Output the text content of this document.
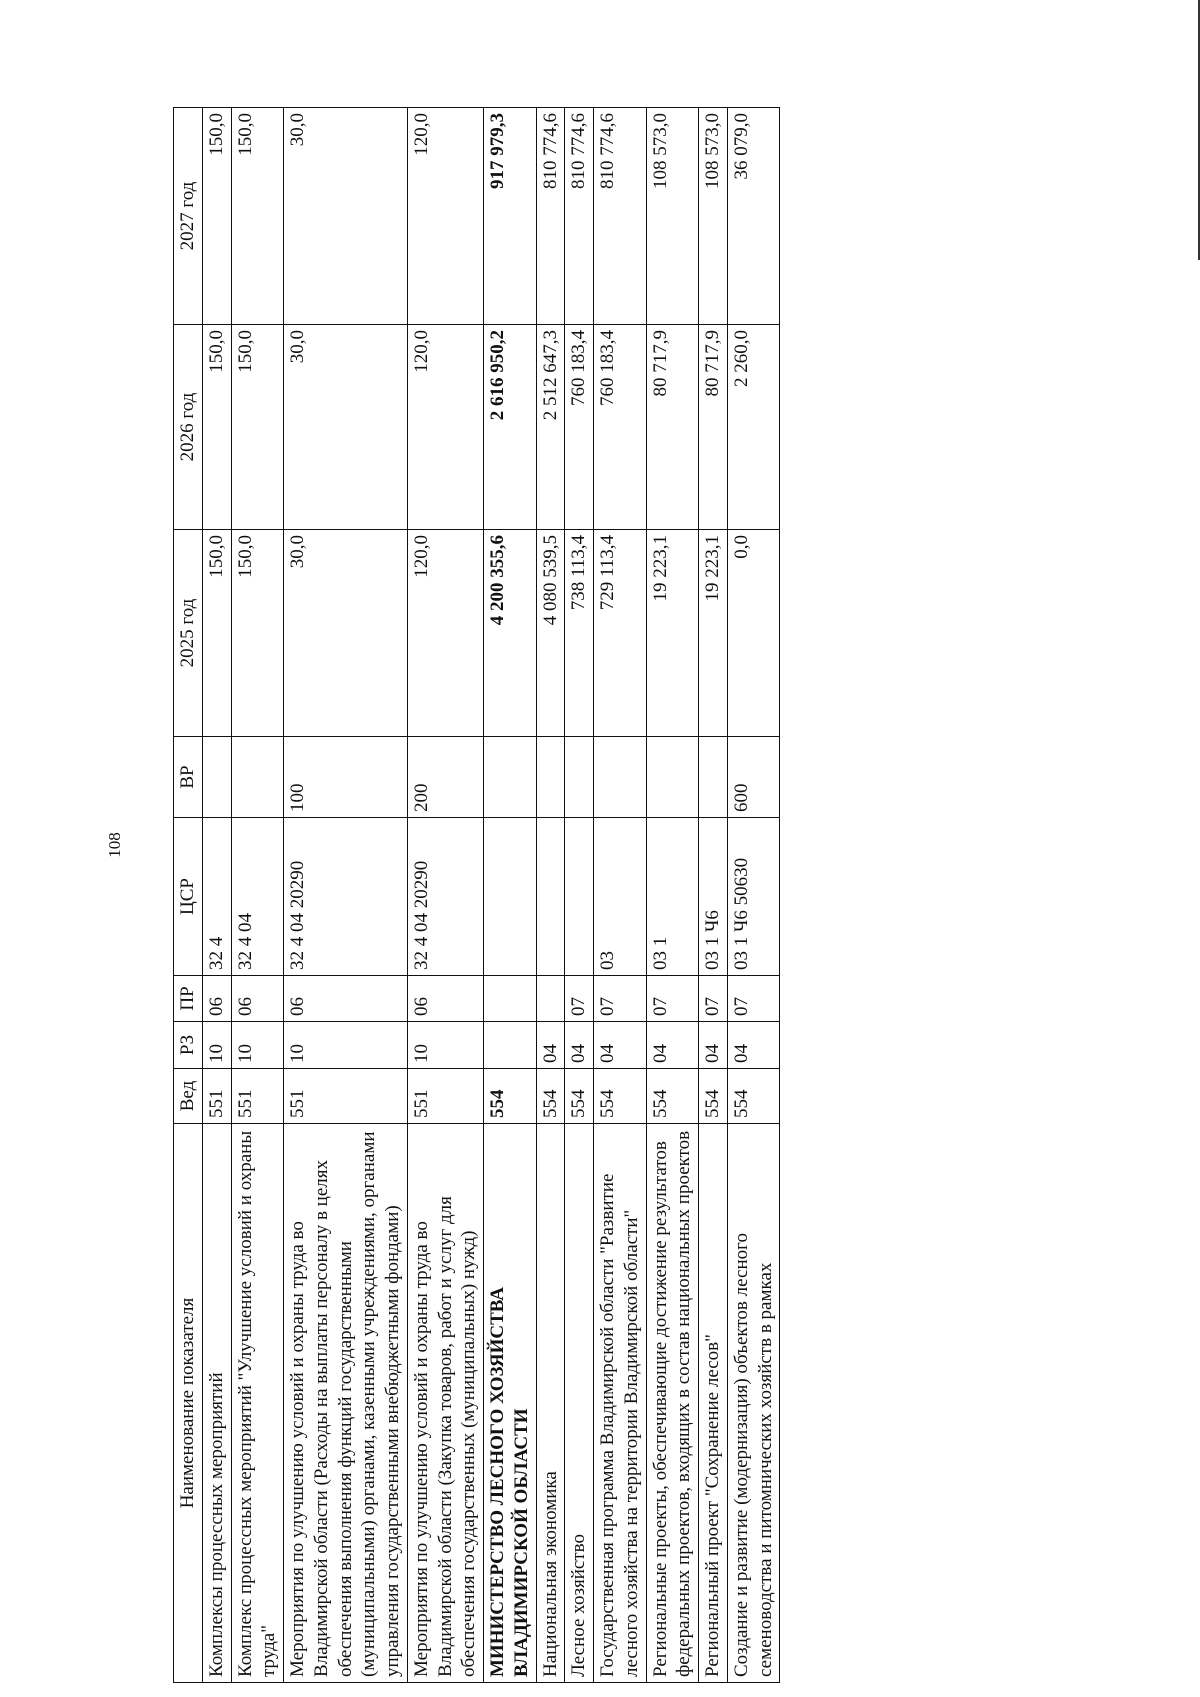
108
Наименование показателя	Вед	РЗ	ПР	ЦСР	ВР	2025 год	2026 год	2027 год
Комплексы процессных мероприятий	551	10	06	32 4		150,0	150,0	150,0
Комплекс процессных мероприятий "Улучшение условий и охраны труда"	551	10	06	32 4 04		150,0	150,0	150,0
Мероприятия по улучшению условий и охраны труда во Владимирской области (Расходы на выплаты персоналу в целях обеспечения выполнения функций государственными (муниципальными) органами, казенными учреждениями, органами управления государственными внебюджетными фондами)	551	10	06	32 4 04 20290	100	30,0	30,0	30,0
Мероприятия по улучшению условий и охраны труда во Владимирской области (Закупка товаров, работ и услуг для обеспечения государственных (муниципальных) нужд)	551	10	06	32 4 04 20290	200	120,0	120,0	120,0
МИНИСТЕРСТВО ЛЕСНОГО ХОЗЯЙСТВА ВЛАДИМИРСКОЙ ОБЛАСТИ	554					4 200 355,6	2 616 950,2	917 979,3
Национальная экономика	554	04				4 080 539,5	2 512 647,3	810 774,6
Лесное хозяйство	554	04	07			738 113,4	760 183,4	810 774,6
Государственная программа Владимирской области "Развитие лесного хозяйства на территории Владимирской области"	554	04	07	03		729 113,4	760 183,4	810 774,6
Региональные проекты, обеспечивающие достижение результатов федеральных проектов, входящих в состав национальных проектов	554	04	07	03 1		19 223,1	80 717,9	108 573,0
Региональный проект "Сохранение лесов"	554	04	07	03 1 Ч6		19 223,1	80 717,9	108 573,0
Создание и развитие (модернизация) объектов лесного семеноводства и питомнических хозяйств в рамках	554	04	07	03 1 Ч6 50630	600	0,0	2 260,0	36 079,0
